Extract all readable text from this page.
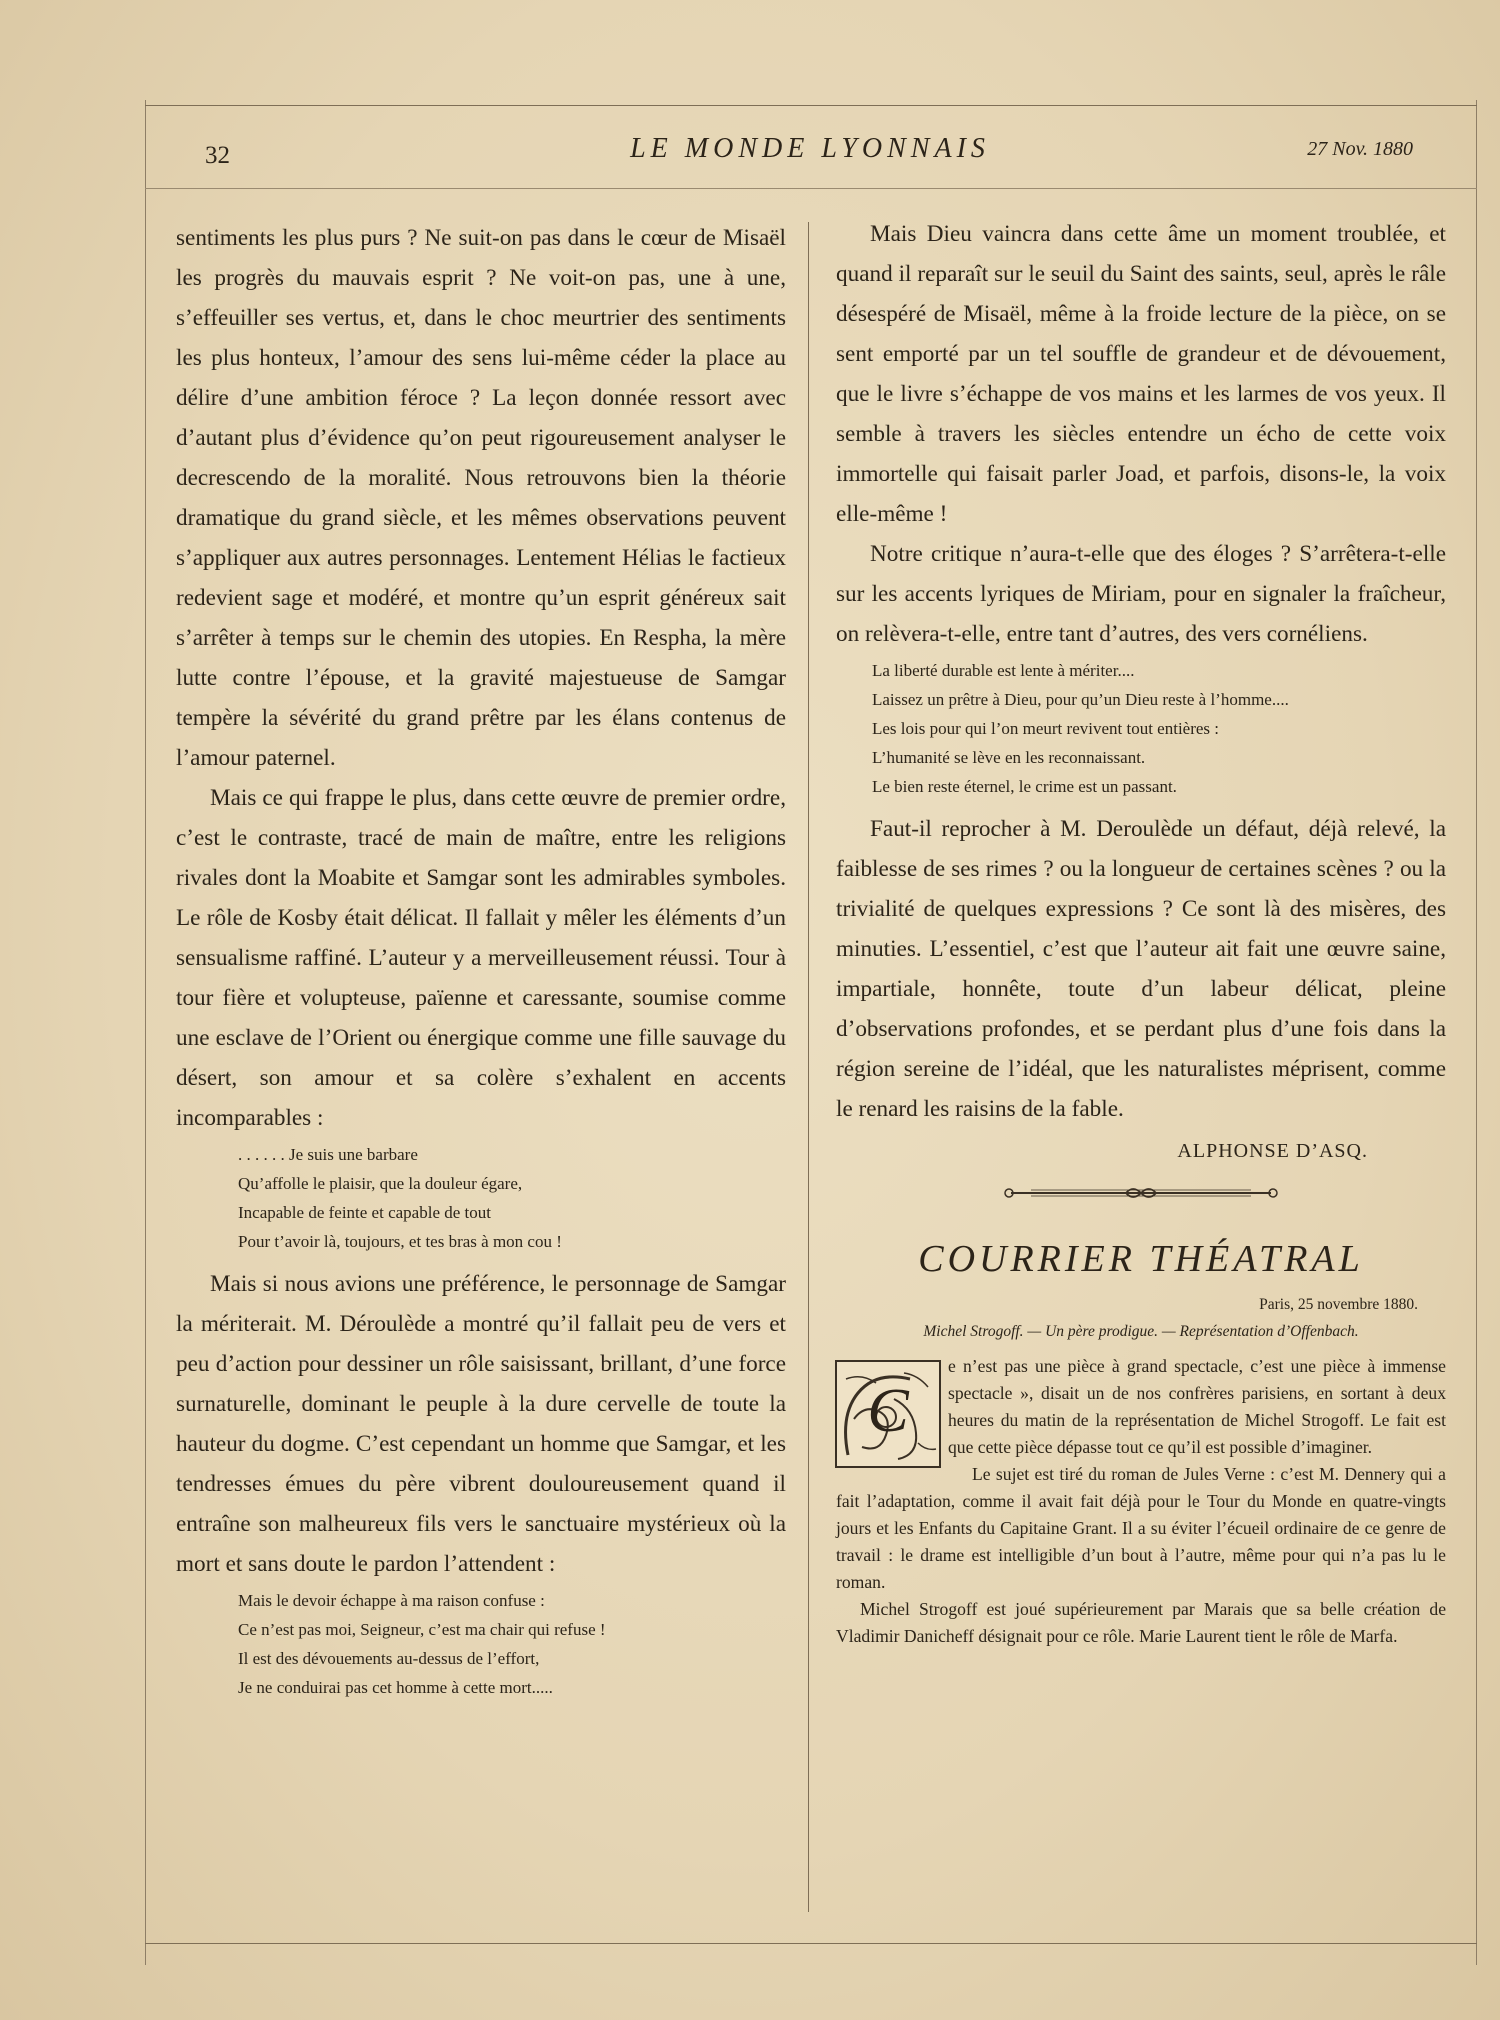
32	LE MONDE LYONNAIS	27 Nov. 1880

sentiments les plus purs ? Ne suit-on pas dans le cœur de Misaël les progrès du mauvais esprit ? Ne voit-on pas, une à une, s’effeuiller ses vertus, et, dans le choc meurtrier des sentiments les plus honteux, l’amour des sens lui-même céder la place au délire d’une ambition féroce ? La leçon donnée ressort avec d’autant plus d’évidence qu’on peut rigoureusement analyser le decrescendo de la moralité. Nous retrouvons bien la théorie dramatique du grand siècle, et les mêmes observations peuvent s’appliquer aux autres personnages. Lentement Hélias le factieux redevient sage et modéré, et montre qu’un esprit généreux sait s’arrêter à temps sur le chemin des utopies. En Respha, la mère lutte contre l’épouse, et la gravité majestueuse de Samgar tempère la sévérité du grand prêtre par les élans contenus de l’amour paternel.

Mais ce qui frappe le plus, dans cette œuvre de premier ordre, c’est le contraste, tracé de main de maître, entre les religions rivales dont la Moabite et Samgar sont les admirables symboles. Le rôle de Kosby était délicat. Il fallait y mêler les éléments d’un sensualisme raffiné. L’auteur y a merveilleusement réussi. Tour à tour fière et volupteuse, païenne et caressante, soumise comme une esclave de l’Orient ou énergique comme une fille sauvage du désert, son amour et sa colère s’exhalent en accents incomparables :

. . . . . . Je suis une barbare
Qu’affolle le plaisir, que la douleur égare,
Incapable de feinte et capable de tout
Pour t’avoir là, toujours, et tes bras à mon cou !

Mais si nous avions une préférence, le personnage de Samgar la mériterait. M. Déroulède a montré qu’il fallait peu de vers et peu d’action pour dessiner un rôle saisissant, brillant, d’une force surnaturelle, dominant le peuple à la dure cervelle de toute la hauteur du dogme. C’est cependant un homme que Samgar, et les tendresses émues du père vibrent douloureusement quand il entraîne son malheureux fils vers le sanctuaire mystérieux où la mort et sans doute le pardon l’attendent :

Mais le devoir échappe à ma raison confuse :
Ce n’est pas moi, Seigneur, c’est ma chair qui refuse !
Il est des dévouements au-dessus de l’effort,
Je ne conduirai pas cet homme à cette mort.....

Mais Dieu vaincra dans cette âme un moment troublée, et quand il reparaît sur le seuil du Saint des saints, seul, après le râle désespéré de Misaël, même à la froide lecture de la pièce, on se sent emporté par un tel souffle de grandeur et de dévouement, que le livre s’échappe de vos mains et les larmes de vos yeux. Il semble à travers les siècles entendre un écho de cette voix immortelle qui faisait parler Joad, et parfois, disons-le, la voix elle-même !

Notre critique n’aura-t-elle que des éloges ? S’arrêtera-t-elle sur les accents lyriques de Miriam, pour en signaler la fraîcheur, on relèvera-t-elle, entre tant d’autres, des vers cornéliens.

La liberté durable est lente à mériter....
Laissez un prêtre à Dieu, pour qu’un Dieu reste à l’homme....
Les lois pour qui l’on meurt revivent tout entières :
L’humanité se lève en les reconnaissant.
Le bien reste éternel, le crime est un passant.

Faut-il reprocher à M. Deroulède un défaut, déjà relevé, la faiblesse de ses rimes ? ou la longueur de certaines scènes ? ou la trivialité de quelques expressions ? Ce sont là des misères, des minuties. L’essentiel, c’est que l’auteur ait fait une œuvre saine, impartiale, honnête, toute d’un labeur délicat, pleine d’observations profondes, et se perdant plus d’une fois dans la région sereine de l’idéal, que les naturalistes méprisent, comme le renard les raisins de la fable.

ALPHONSE D’ASQ.
COURRIER THÉATRAL
Paris, 25 novembre 1880.
Michel Strogoff. — Un père prodigue. — Représentation d’Offenbach.
C

e n’est pas une pièce à grand spectacle, c’est une pièce à immense spectacle », disait un de nos confrères parisiens, en sortant à deux heures du matin de la représentation de Michel Strogoff. Le fait est que cette pièce dépasse tout ce qu’il est possible d’imaginer.

Le sujet est tiré du roman de Jules Verne : c’est M. Dennery qui a fait l’adaptation, comme il avait fait déjà pour le Tour du Monde en quatre-vingts jours et les Enfants du Capitaine Grant. Il a su éviter l’écueil ordinaire de ce genre de travail : le drame est intelligible d’un bout à l’autre, même pour qui n’a pas lu le roman.

Michel Strogoff est joué supérieurement par Marais que sa belle création de Vladimir Danicheff désignait pour ce rôle. Marie Laurent tient le rôle de Marfa.
